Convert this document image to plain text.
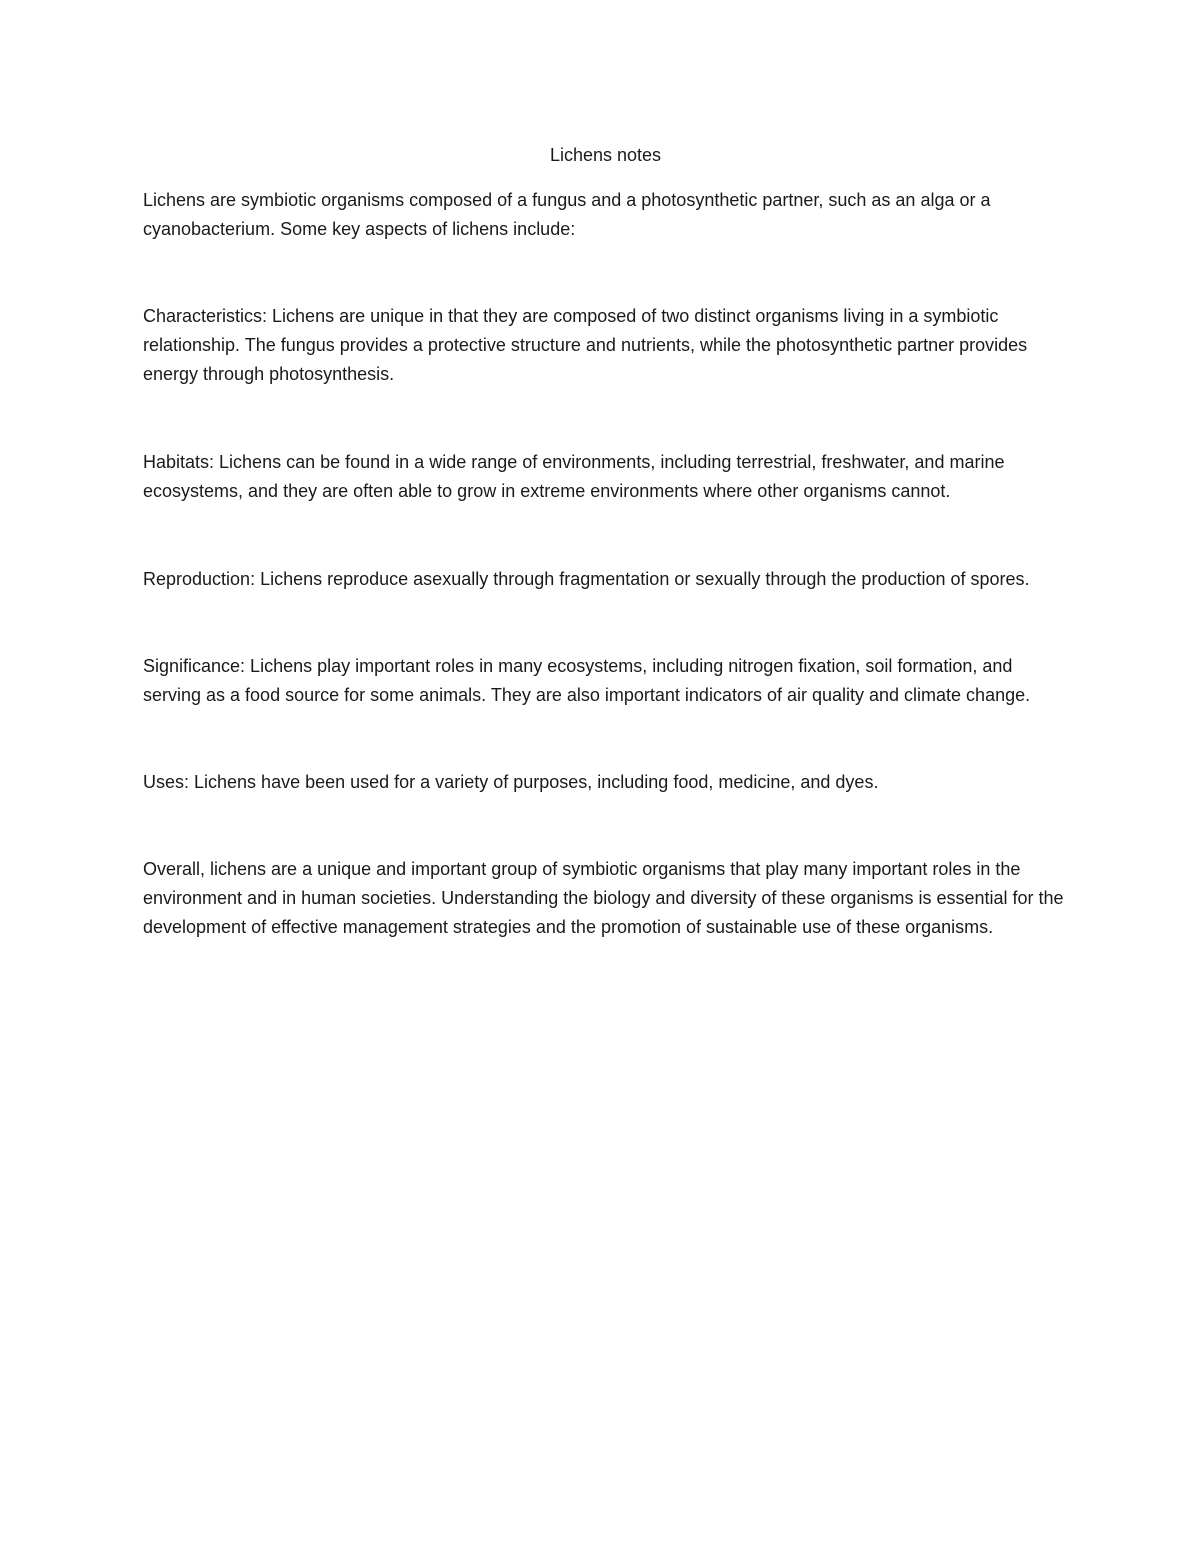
Lichens notes

Lichens are symbiotic organisms composed of a fungus and a photosynthetic partner, such as an alga or a cyanobacterium. Some key aspects of lichens include:

Characteristics: Lichens are unique in that they are composed of two distinct organisms living in a symbiotic relationship. The fungus provides a protective structure and nutrients, while the photosynthetic partner provides energy through photosynthesis.

Habitats: Lichens can be found in a wide range of environments, including terrestrial, freshwater, and marine ecosystems, and they are often able to grow in extreme environments where other organisms cannot.

Reproduction: Lichens reproduce asexually through fragmentation or sexually through the production of spores.

Significance: Lichens play important roles in many ecosystems, including nitrogen fixation, soil formation, and serving as a food source for some animals. They are also important indicators of air quality and climate change.

Uses: Lichens have been used for a variety of purposes, including food, medicine, and dyes.

Overall, lichens are a unique and important group of symbiotic organisms that play many important roles in the environment and in human societies. Understanding the biology and diversity of these organisms is essential for the development of effective management strategies and the promotion of sustainable use of these organisms.
